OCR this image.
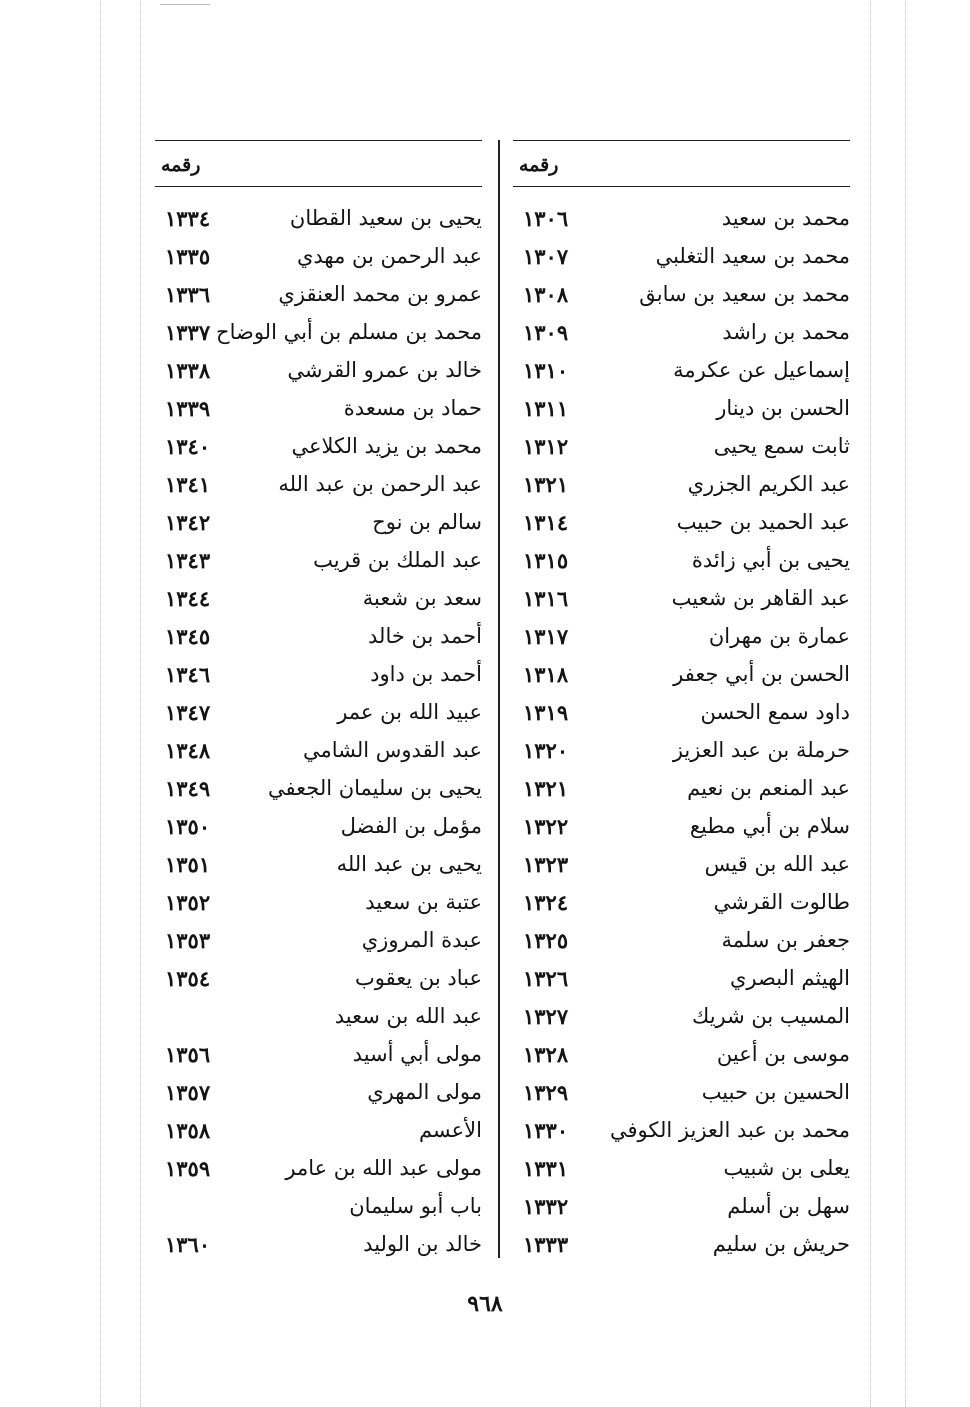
رقمه
محمد بن سعيد
١٣٠٦
محمد بن سعيد التغلبي
١٣٠٧
محمد بن سعيد بن سابق
١٣٠٨
محمد بن راشد
١٣٠٩
إسماعيل عن عكرمة
١٣١٠
الحسن بن دينار
١٣١١
ثابت سمع يحيى
١٣١٢
عبد الكريم الجزري
١٣٢١
عبد الحميد بن حبيب
١٣١٤
يحيى بن أبي زائدة
١٣١٥
عبد القاهر بن شعيب
١٣١٦
عمارة بن مهران
١٣١٧
الحسن بن أبي جعفر
١٣١٨
داود سمع الحسن
١٣١٩
حرملة بن عبد العزيز
١٣٢٠
عبد المنعم بن نعيم
١٣٢١
سلام بن أبي مطيع
١٣٢٢
عبد الله بن قيس
١٣٢٣
طالوت القرشي
١٣٢٤
جعفر بن سلمة
١٣٢٥
الهيثم البصري
١٣٢٦
المسيب بن شريك
١٣٢٧
موسى بن أعين
١٣٢٨
الحسين بن حبيب
١٣٢٩
محمد بن عبد العزيز الكوفي
١٣٣٠
يعلى بن شبيب
١٣٣١
سهل بن أسلم
١٣٣٢
حريش بن سليم
١٣٣٣
رقمه
يحيى بن سعيد القطان
١٣٣٤
عبد الرحمن بن مهدي
١٣٣٥
عمرو بن محمد العنقزي
١٣٣٦
محمد بن مسلم بن أبي الوضاح
١٣٣٧
خالد بن عمرو القرشي
١٣٣٨
حماد بن مسعدة
١٣٣٩
محمد بن يزيد الكلاعي
١٣٤٠
عبد الرحمن بن عبد الله
١٣٤١
سالم بن نوح
١٣٤٢
عبد الملك بن قريب
١٣٤٣
سعد بن شعبة
١٣٤٤
أحمد بن خالد
١٣٤٥
أحمد بن داود
١٣٤٦
عبيد الله بن عمر
١٣٤٧
عبد القدوس الشامي
١٣٤٨
يحيى بن سليمان الجعفي
١٣٤٩
مؤمل بن الفضل
١٣٥٠
يحيى بن عبد الله
١٣٥١
عتبة بن سعيد
١٣٥٢
عبدة المروزي
١٣٥٣
عباد بن يعقوب
١٣٥٤
عبد الله بن سعيد
مولى أبي أسيد
١٣٥٦
مولى المهري
١٣٥٧
الأعسم
١٣٥٨
مولى عبد الله بن عامر
١٣٥٩
باب أبو سليمان
خالد بن الوليد
١٣٦٠
٩٦٨
